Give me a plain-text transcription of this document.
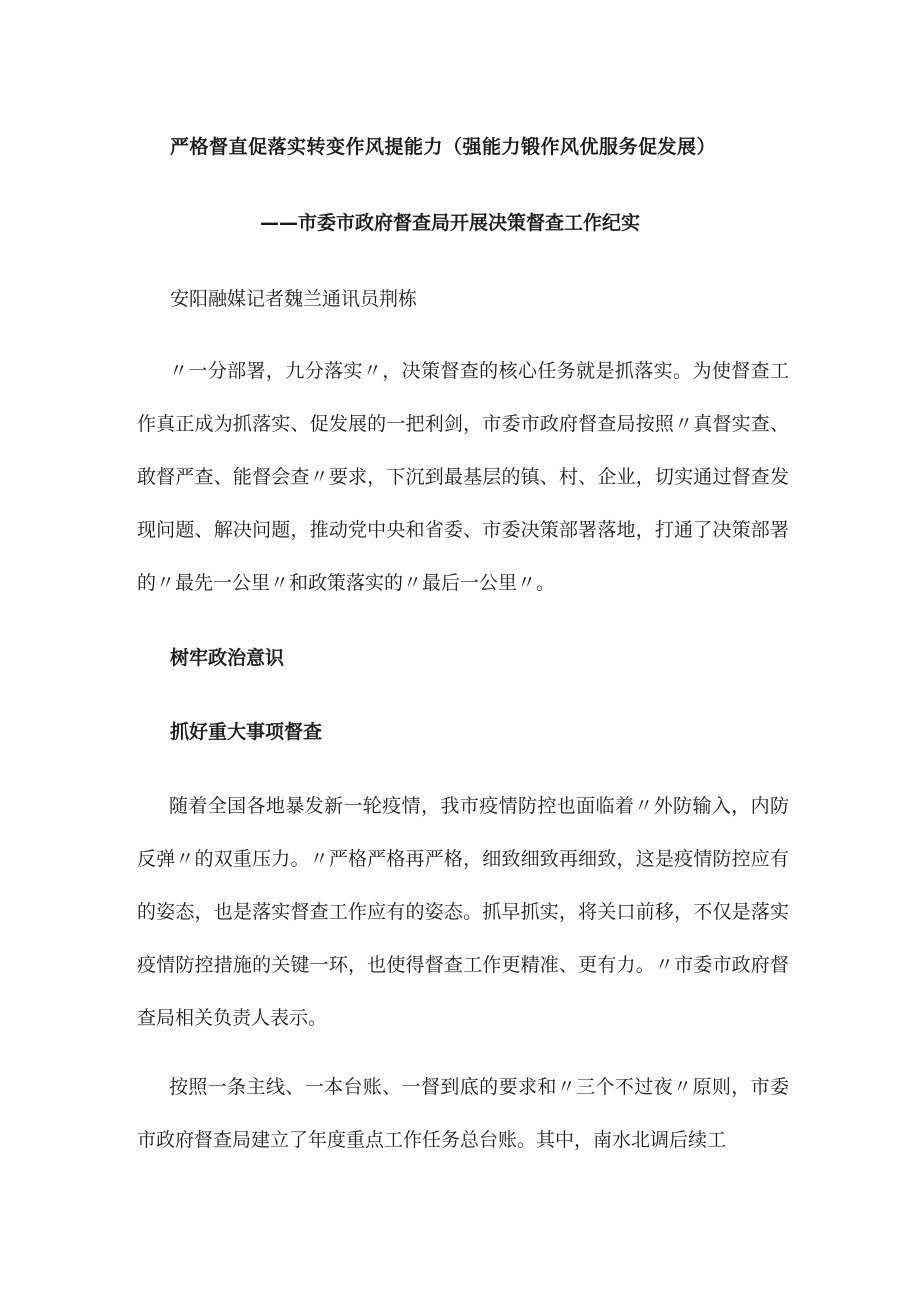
严格督直促落实转变作风提能力（强能力锻作风优服务促发展）
——市委市政府督查局开展决策督查工作纪实
安阳融媒记者魏兰通讯员荆栋
〃一分部署，九分落实〃，决策督查的核心任务就是抓落实。为使督查工作真正成为抓落实、促发展的一把利剑，市委市政府督查局按照〃真督实查、敢督严查、能督会查〃要求，下沉到最基层的镇、村、企业，切实通过督查发现问题、解决问题，推动党中央和省委、市委决策部署落地，打通了决策部署的〃最先一公里〃和政策落实的〃最后一公里〃。
树牢政治意识
抓好重大事项督查
随着全国各地暴发新一轮疫情，我市疫情防控也面临着〃外防输入，内防反弹〃的双重压力。〃严格严格再严格，细致细致再细致，这是疫情防控应有的姿态，也是落实督查工作应有的姿态。抓早抓实，将关口前移，不仅是落实疫情防控措施的关键一环，也使得督查工作更精准、更有力。〃市委市政府督查局相关负责人表示。
按照一条主线、一本台账、一督到底的要求和〃三个不过夜〃原则，市委市政府督查局建立了年度重点工作任务总台账。其中，南水北调后续工
